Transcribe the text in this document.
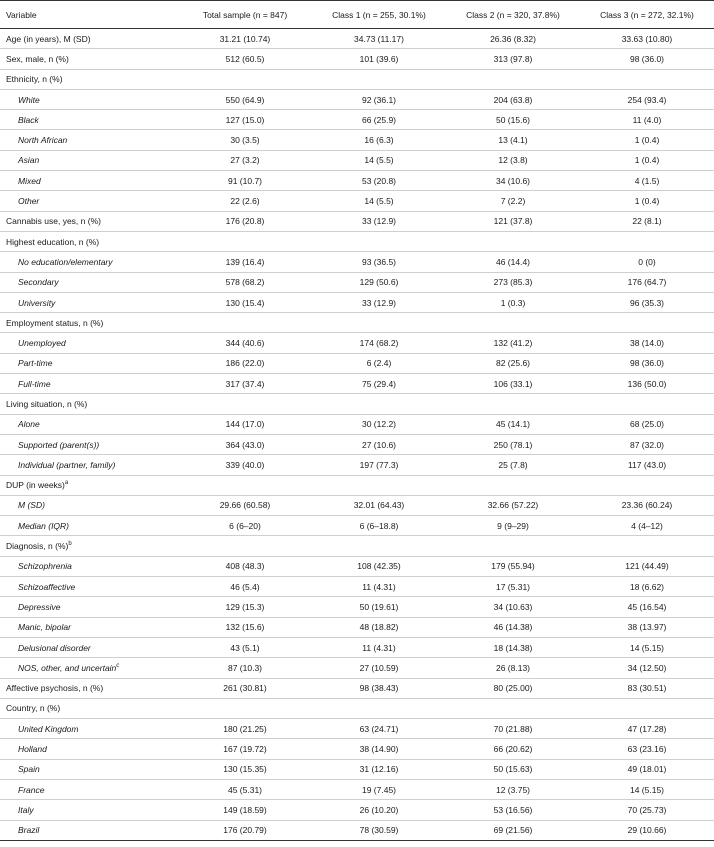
Variable	Total sample (n = 847)	Class 1 (n = 255, 30.1%)	Class 2 (n = 320, 37.8%)	Class 3 (n = 272, 32.1%)
Age (in years), M (SD)	31.21 (10.74)	34.73 (11.17)	26.36 (8.32)	33.63 (10.80)
Sex, male, n (%)	512 (60.5)	101 (39.6)	313 (97.8)	98 (36.0)
Ethnicity, n (%)				
White	550 (64.9)	92 (36.1)	204 (63.8)	254 (93.4)
Black	127 (15.0)	66 (25.9)	50 (15.6)	11 (4.0)
North African	30 (3.5)	16 (6.3)	13 (4.1)	1 (0.4)
Asian	27 (3.2)	14 (5.5)	12 (3.8)	1 (0.4)
Mixed	91 (10.7)	53 (20.8)	34 (10.6)	4 (1.5)
Other	22 (2.6)	14 (5.5)	7 (2.2)	1 (0.4)
Cannabis use, yes, n (%)	176 (20.8)	33 (12.9)	121 (37.8)	22 (8.1)
Highest education, n (%)				
No education/elementary	139 (16.4)	93 (36.5)	46 (14.4)	0 (0)
Secondary	578 (68.2)	129 (50.6)	273 (85.3)	176 (64.7)
University	130 (15.4)	33 (12.9)	1 (0.3)	96 (35.3)
Employment status, n (%)				
Unemployed	344 (40.6)	174 (68.2)	132 (41.2)	38 (14.0)
Part-time	186 (22.0)	6 (2.4)	82 (25.6)	98 (36.0)
Full-time	317 (37.4)	75 (29.4)	106 (33.1)	136 (50.0)
Living situation, n (%)				
Alone	144 (17.0)	30 (12.2)	45 (14.1)	68 (25.0)
Supported (parent(s))	364 (43.0)	27 (10.6)	250 (78.1)	87 (32.0)
Individual (partner, family)	339 (40.0)	197 (77.3)	25 (7.8)	117 (43.0)
DUP (in weeks)$^a$				
M (SD)	29.66 (60.58)	32.01 (64.43)	32.66 (57.22)	23.36 (60.24)
Median (IQR)	6 (6–20)	6 (6–18.8)	9 (9–29)	4 (4–12)
Diagnosis, n (%)$^b$				
Schizophrenia	408 (48.3)	108 (42.35)	179 (55.94)	121 (44.49)
Schizoaffective	46 (5.4)	11 (4.31)	17 (5.31)	18 (6.62)
Depressive	129 (15.3)	50 (19.61)	34 (10.63)	45 (16.54)
Manic, bipolar	132 (15.6)	48 (18.82)	46 (14.38)	38 (13.97)
Delusional disorder	43 (5.1)	11 (4.31)	18 (14.38)	14 (5.15)
NOS, other, and uncertain$^c$	87 (10.3)	27 (10.59)	26 (8.13)	34 (12.50)
Affective psychosis, n (%)	261 (30.81)	98 (38.43)	80 (25.00)	83 (30.51)
Country, n (%)				
United Kingdom	180 (21.25)	63 (24.71)	70 (21.88)	47 (17.28)
Holland	167 (19.72)	38 (14.90)	66 (20.62)	63 (23.16)
Spain	130 (15.35)	31 (12.16)	50 (15.63)	49 (18.01)
France	45 (5.31)	19 (7.45)	12 (3.75)	14 (5.15)
Italy	149 (18.59)	26 (10.20)	53 (16.56)	70 (25.73)
Brazil	176 (20.79)	78 (30.59)	69 (21.56)	29 (10.66)
